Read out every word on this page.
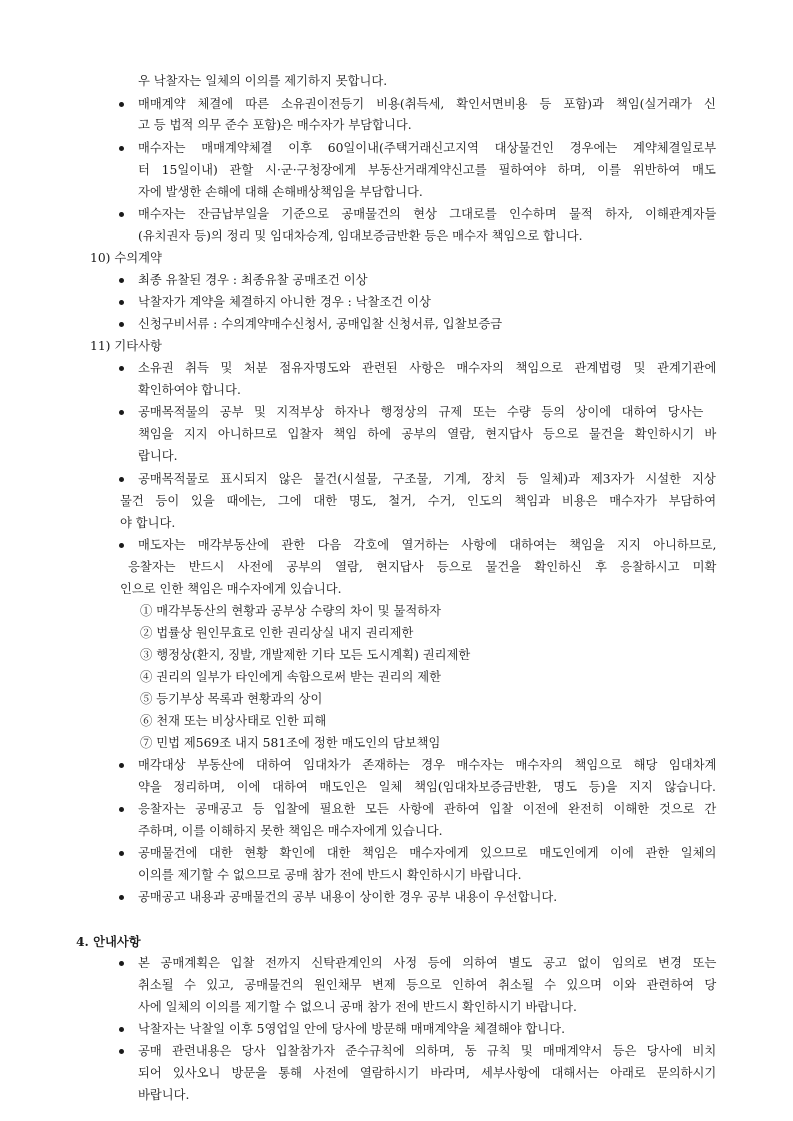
우 낙찰자는 일체의 이의를 제기하지 못합니다.
매매계약 체결에 따른 소유권이전등기 비용(취득세, 확인서면비용 등 포함)과 책임(실거래가 신
고 등 법적 의무 준수 포함)은 매수자가 부담합니다.
매수자는 매매계약체결 이후 60일이내(주택거래신고지역 대상물건인 경우에는 계약체결일로부
터 15일이내) 관할 시·군·구청장에게 부동산거래계약신고를 필하여야 하며, 이를 위반하여 매도
자에 발생한 손해에 대해 손해배상책임을 부담합니다.
매수자는 잔금납부일을 기준으로 공매물건의 현상 그대로를 인수하며 물적 하자, 이해관계자들
(유치권자 등)의 정리 및 임대차승계, 임대보증금반환 등은 매수자 책임으로 합니다.
10) 수의계약
최종 유찰된 경우 : 최종유찰 공매조건 이상
낙찰자가 계약을 체결하지 아니한 경우 : 낙찰조건 이상
신청구비서류 : 수의계약매수신청서, 공매입찰 신청서류, 입찰보증금
11) 기타사항
소유권 취득 및 처분 점유자명도와 관련된 사항은 매수자의 책임으로 관계법령 및 관계기관에
확인하여야 합니다.
공매목적물의 공부 및 지적부상 하자나 행정상의 규제 또는 수량 등의 상이에 대하여 당사는
책임을 지지 아니하므로 입찰자 책임 하에 공부의 열람, 현지답사 등으로 물건을 확인하시기 바
랍니다.
공매목적물로 표시되지 않은 물건(시설물, 구조물, 기계, 장치 등 일체)과 제3자가 시설한 지상
물건 등이 있을 때에는, 그에 대한 명도, 철거, 수거, 인도의 책임과 비용은 매수자가 부담하여
야 합니다.
매도자는 매각부동산에 관한 다음 각호에 열거하는 사항에 대하여는 책임을 지지 아니하므로,
응찰자는 반드시 사전에 공부의 열람, 현지답사 등으로 물건을 확인하신 후 응찰하시고 미확
인으로 인한 책임은 매수자에게 있습니다.
① 매각부동산의 현황과 공부상 수량의 차이 및 물적하자
② 법률상 원인무효로 인한 권리상실 내지 권리제한
③ 행정상(환지, 징발, 개발제한 기타 모든 도시계획) 권리제한
④ 권리의 일부가 타인에게 속함으로써 받는 권리의 제한
⑤ 등기부상 목록과 현황과의 상이
⑥ 천재 또는 비상사태로 인한 피해
⑦ 민법 제569조 내지 581조에 정한 매도인의 담보책임
매각대상 부동산에 대하여 임대차가 존재하는 경우 매수자는 매수자의 책임으로 해당 임대차계
약을 정리하며, 이에 대하여 매도인은 일체 책임(임대차보증금반환, 명도 등)을 지지 않습니다.
응찰자는 공매공고 등 입찰에 필요한 모든 사항에 관하여 입찰 이전에 완전히 이해한 것으로 간
주하며, 이를 이해하지 못한 책임은 매수자에게 있습니다.
공매물건에 대한 현황 확인에 대한 책임은 매수자에게 있으므로 매도인에게 이에 관한 일체의
이의를 제기할 수 없으므로 공매 참가 전에 반드시 확인하시기 바랍니다.
공매공고 내용과 공매물건의 공부 내용이 상이한 경우 공부 내용이 우선합니다.
4. 안내사항
본 공매계획은 입찰 전까지 신탁관계인의 사정 등에 의하여 별도 공고 없이 임의로 변경 또는
취소될 수 있고, 공매물건의 원인채무 변제 등으로 인하여 취소될 수 있으며 이와 관련하여 당
사에 일체의 이의를 제기할 수 없으니 공매 참가 전에 반드시 확인하시기 바랍니다.
낙찰자는 낙찰일 이후 5영업일 안에 당사에 방문해 매매계약을 체결해야 합니다.
공매 관련내용은 당사 입찰참가자 준수규칙에 의하며, 동 규칙 및 매매계약서 등은 당사에 비치
되어 있사오니 방문을 통해 사전에 열람하시기 바라며, 세부사항에 대해서는 아래로 문의하시기
바랍니다.
